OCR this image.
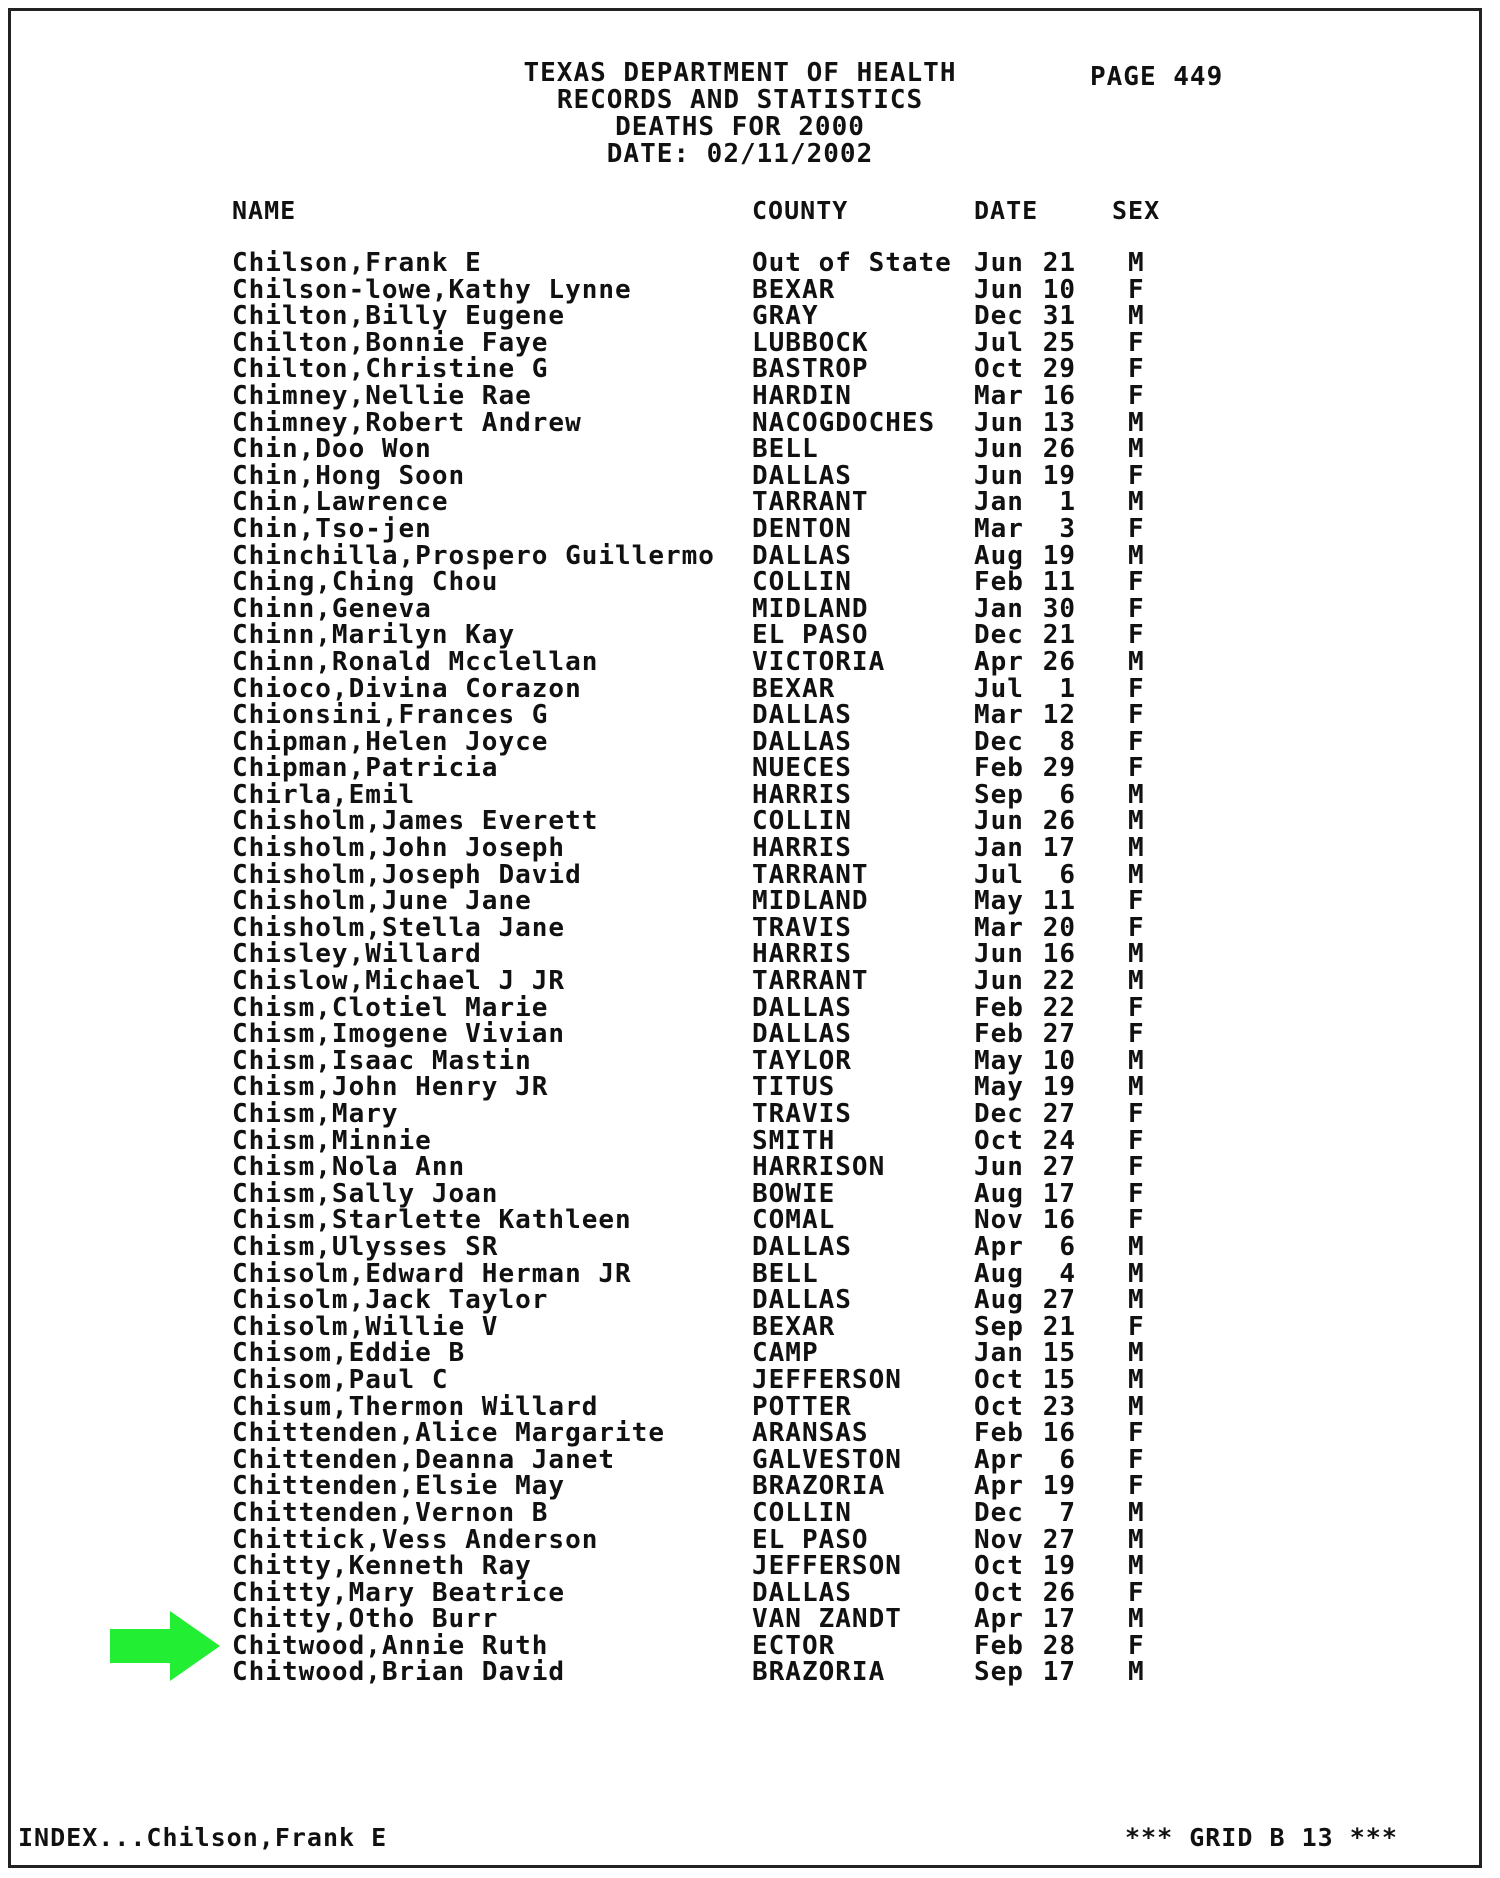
TEXAS DEPARTMENT OF HEALTH
RECORDS AND STATISTICS
DEATHS FOR 2000
DATE: 02/11/2002
PAGE 449
NAME	COUNTY	DATE	SEX
Chilson,Frank E	Out of State Jun 21 M
Chilson-lowe,Kathy Lynne	BEXAR	Jun 10 F
Chilton,Billy Eugene	GRAY	Dec 31 M
Chilton,Bonnie Faye	LUBBOCK	Jul 25 F
Chilton,Christine G	BASTROP	Oct 29 F
Chimney,Nellie Rae	HARDIN	Mar 16 F
Chimney,Robert Andrew	NACOGDOCHES Jun 13 M
Chin,Doo Won	BELL	Jun 26 M
Chin,Hong Soon	DALLAS	Jun 19 F
Chin,Lawrence	TARRANT	Jan	1 M
Chin,Tso-jen	DENTON	Mar	3 F
Chinchilla,Prospero Guillermo DALLAS	Aug 19 M
Ching,Ching Chou	COLLIN	Feb 11 F
Chinn,Geneva	MIDLAND	Jan 30 F
Chinn,Marilyn Kay	EL PASO	Dec 21 F
Chinn,Ronald Mcclellan	VICTORIA	Apr 26 M
Chioco,Divina Corazon	BEXAR	Jul	1 F
Chionsini,Frances G	DALLAS	Mar 12 F
Chipman,Helen Joyce	DALLAS	Dec	8 F
Chipman,Patricia	NUECES	Feb 29 F
Chirla,Emil	HARRIS	Sep	6 M
Chisholm,James Everett	COLLIN	Jun 26 M
Chisholm,John Joseph	HARRIS	Jan 17 M
Chisholm,Joseph David	TARRANT	Jul	6 M
Chisholm,June Jane	MIDLAND	May 11 F
Chisholm,Stella Jane	TRAVIS	Mar 20 F
Chisley,Willard	HARRIS	Jun 16 M
Chislow,Michael J JR	TARRANT	Jun 22 M
Chism,Clotiel Marie	DALLAS	Feb 22 F
Chism,Imogene Vivian	DALLAS	Feb 27 F
Chism,Isaac Mastin	TAYLOR	May 10 M
Chism,John Henry JR	TITUS	May 19 M
Chism,Mary	TRAVIS	Dec 27 F
Chism,Minnie	SMITH	Oct 24 F
Chism,Nola Ann	HARRISON	Jun 27 F
Chism,Sally Joan	BOWIE	Aug 17 F
Chism,Starlette Kathleen	COMAL	Nov 16 F
Chism,Ulysses SR	DALLAS	Apr	6 M
Chisolm,Edward Herman JR	BELL	Aug	4 M
Chisolm,Jack Taylor	DALLAS	Aug 27 M
Chisolm,Willie V	BEXAR	Sep 21 F
Chisom,Eddie B	CAMP	Jan 15 M
Chisom,Paul C	JEFFERSON	Oct 15 M
Chisum,Thermon Willard	POTTER	Oct 23 M
Chittenden,Alice Margarite	ARANSAS	Feb 16 F
Chittenden,Deanna Janet	GALVESTON	Apr	6 F
Chittenden,Elsie May	BRAZORIA	Apr 19 F
Chittenden,Vernon B	COLLIN	Dec	7 M
Chittick,Vess Anderson	EL PASO	Nov 27 M
Chitty,Kenneth Ray	JEFFERSON	Oct 19 M
Chitty,Mary Beatrice	DALLAS	Oct 26 F
Chitty,Otho Burr	VAN ZANDT	Apr 17 M
Chitwood,Annie Ruth	ECTOR	Feb 28 F
Chitwood,Brian David	BRAZORIA	Sep 17 M
INDEX...Chilson,Frank E	*** GRID B 13 ***
